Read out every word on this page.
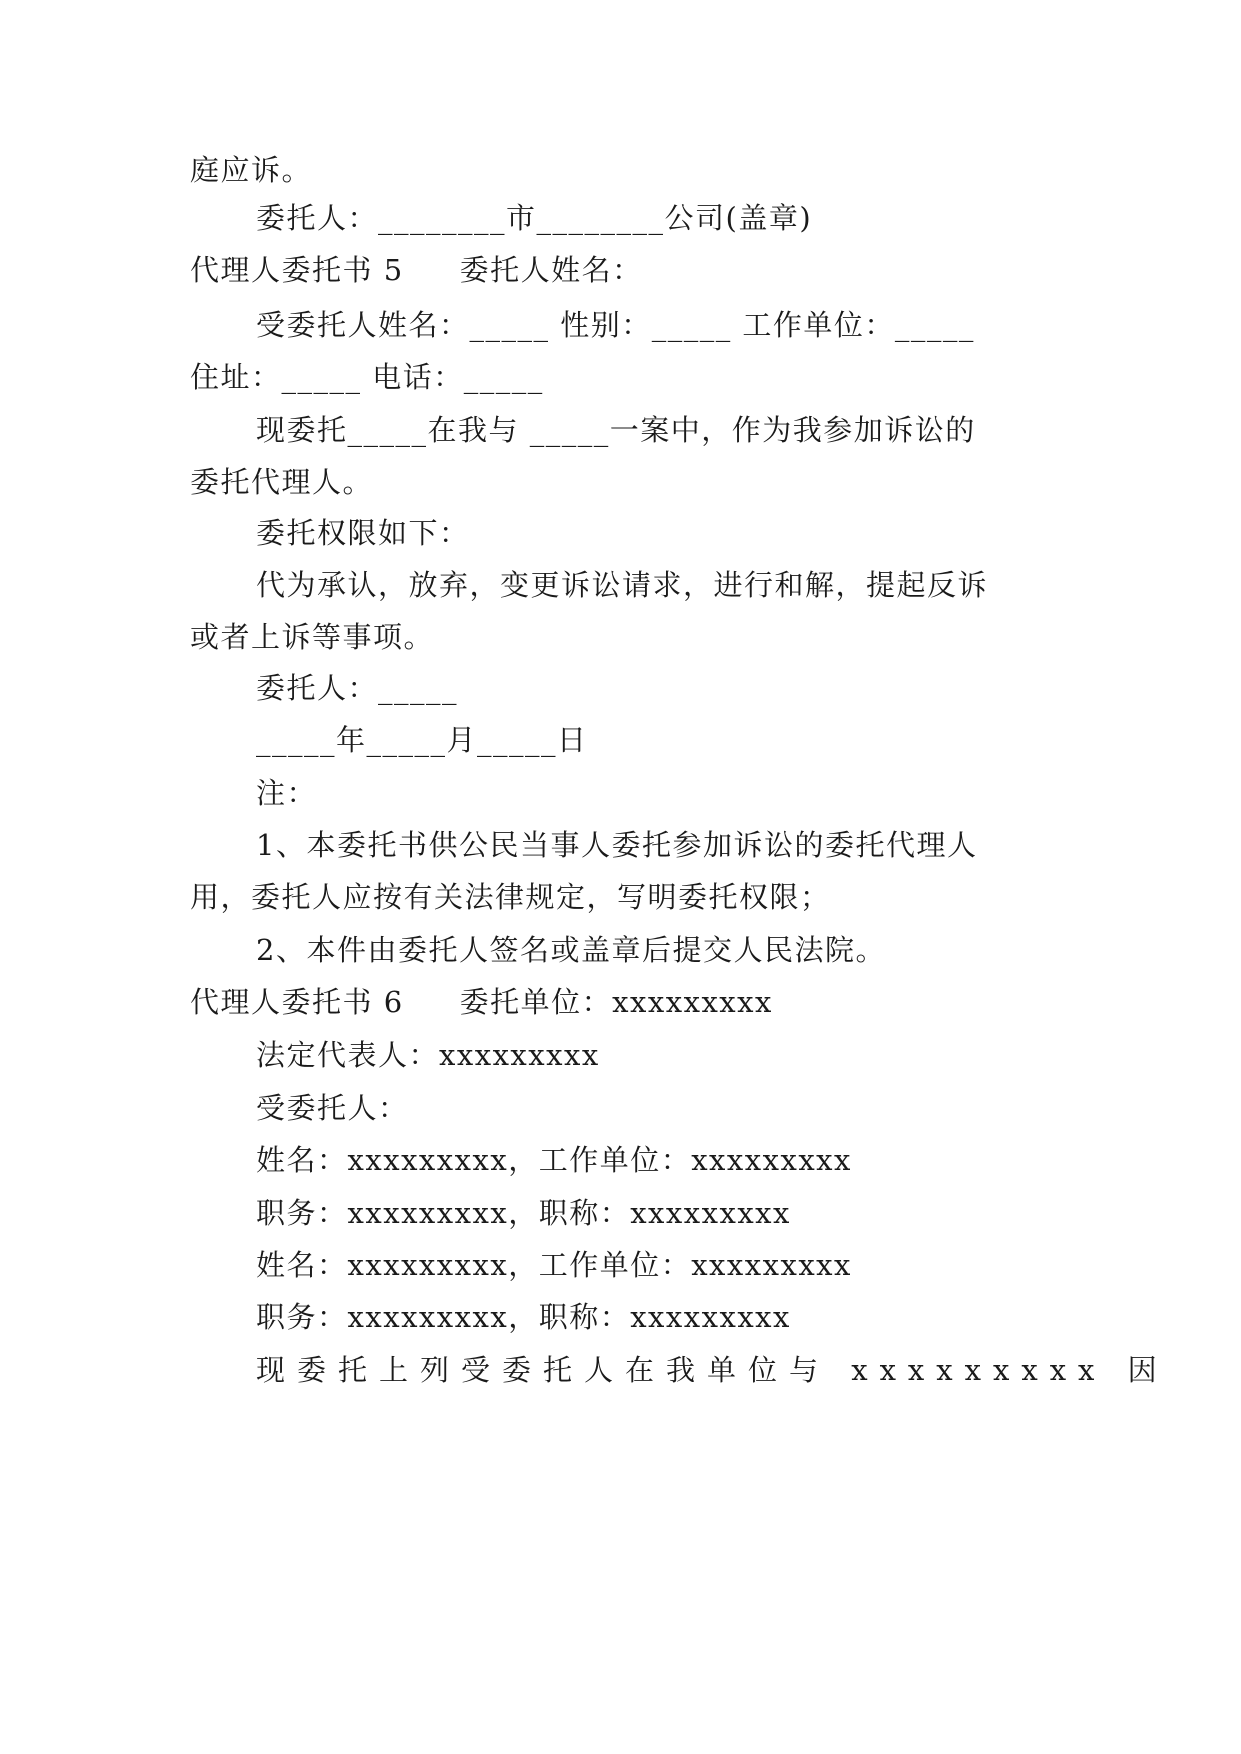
庭应诉。
委托人：________市________公司(盖章)
代理人委托书 5 委托人姓名：
受委托人姓名：_____ 性别：_____ 工作单位：_____
住址：_____ 电话：_____
现委托_____在我与 _____一案中，作为我参加诉讼的
委托代理人。
委托权限如下：
代为承认，放弃，变更诉讼请求，进行和解，提起反诉
或者上诉等事项。
委托人：_____
_____年_____月_____日
注：
1、本委托书供公民当事人委托参加诉讼的委托代理人
用，委托人应按有关法律规定，写明委托权限；
2、本件由委托人签名或盖章后提交人民法院。
代理人委托书 6 委托单位：xxxxxxxxx
法定代表人：xxxxxxxxx
受委托人：
姓名：xxxxxxxxx，工作单位：xxxxxxxxx
职务：xxxxxxxxx，职称：xxxxxxxxx
姓名：xxxxxxxxx，工作单位：xxxxxxxxx
职务：xxxxxxxxx，职称：xxxxxxxxx
现委托上列受委托人在我单位与 xxxxxxxxx 因
